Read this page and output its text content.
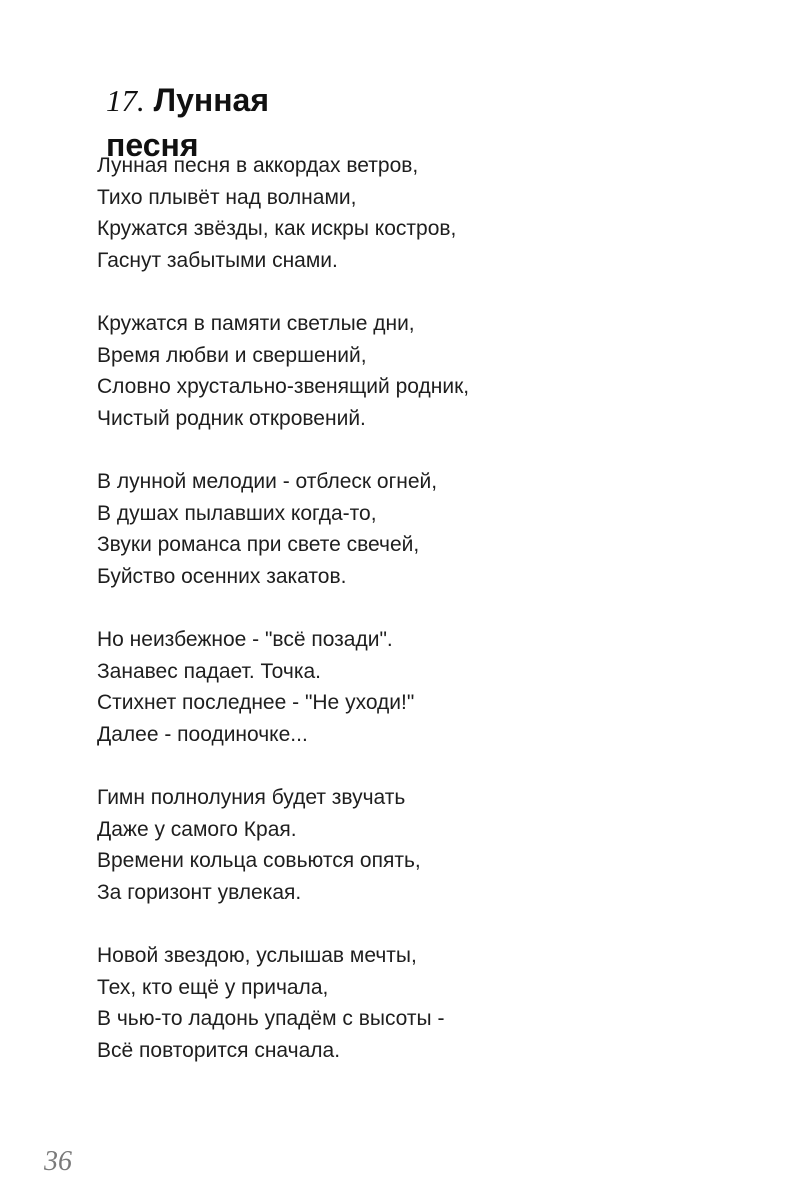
17. Лунная песня
Лунная песня в аккордах ветров,
Тихо плывёт над волнами,
Кружатся звёзды, как искры костров,
Гаснут забытыми снами.
Кружатся в памяти светлые дни,
Время любви и свершений,
Словно хрустально-звенящий родник,
Чистый родник откровений.
В лунной мелодии - отблеск огней,
В душах пылавших когда-то,
Звуки романса при свете свечей,
Буйство осенних закатов.
Но неизбежное - "всё позади".
Занавес падает. Точка.
Стихнет последнее - "Не уходи!"
Далее - поодиночке...
Гимн полнолуния будет звучать
Даже у самого Края.
Времени кольца совьются опять,
За горизонт увлекая.
Новой звездою, услышав мечты,
Тех, кто ещё у причала,
В чью-то ладонь упадём с высоты -
Всё повторится сначала.
36
